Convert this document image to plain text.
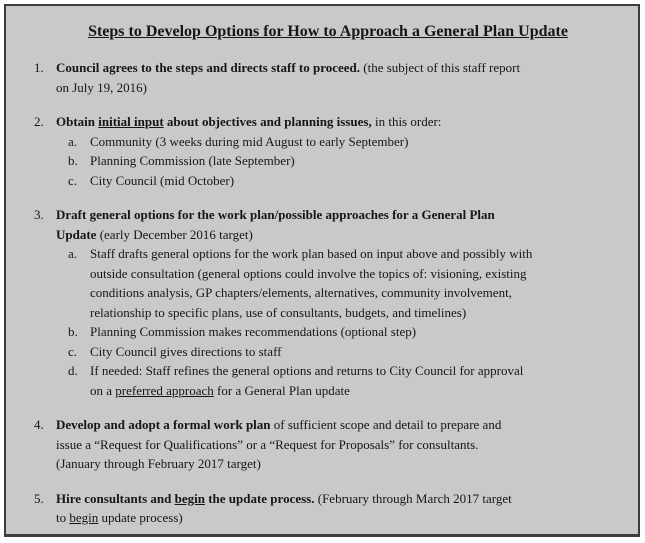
Steps to Develop Options for How to Approach a General Plan Update
1. Council agrees to the steps and directs staff to proceed. (the subject of this staff report
on July 19, 2016)
2. Obtain initial input about objectives and planning issues, in this order:
a. Community (3 weeks during mid August to early September)
b. Planning Commission (late September)
c. City Council (mid October)
3. Draft general options for the work plan/possible approaches for a General Plan
Update (early December 2016 target)
a. Staff drafts general options for the work plan based on input above and possibly with
outside consultation (general options could involve the topics of: visioning, existing
conditions analysis, GP chapters/elements, alternatives, community involvement,
relationship to specific plans, use of consultants, budgets, and timelines)
b. Planning Commission makes recommendations (optional step)
c. City Council gives directions to staff
d. If needed: Staff refines the general options and returns to City Council for approval
on a preferred approach for a General Plan update
4. Develop and adopt a formal work plan of sufficient scope and detail to prepare and
issue a “Request for Qualifications” or a “Request for Proposals” for consultants.
(January through February 2017 target)
5. Hire consultants and begin the update process. (February through March 2017 target
to begin update process)
